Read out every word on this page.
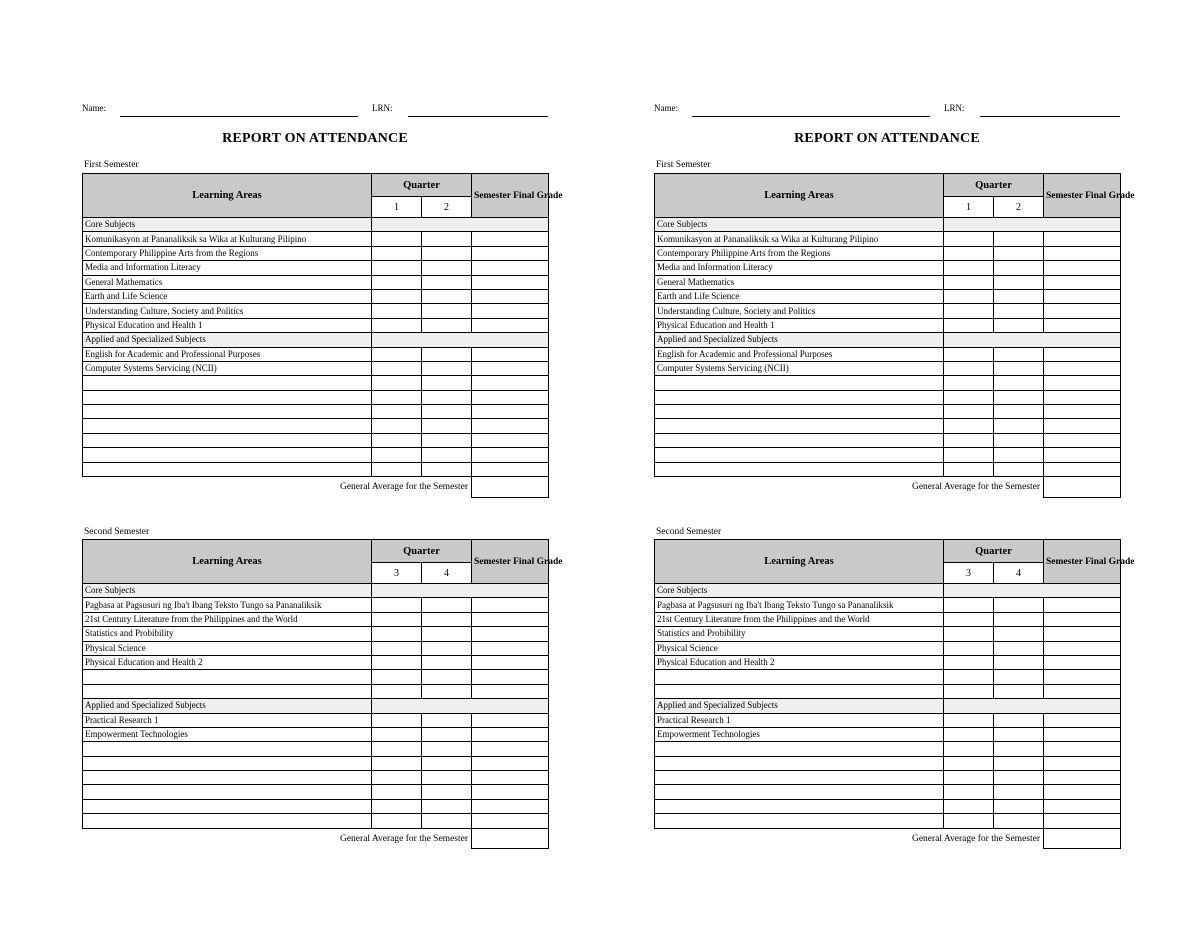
Name:	LRN:
REPORT ON ATTENDANCE
First Semester
Learning Areas	Quarter		Semester Final Grade
	1	2	
Core Subjects			
Komunikasyon at Pananaliksik sa Wika at Kulturang Pilipino			
Contemporary Philippine Arts from the Regions			
Media and Information Literacy			
General Mathematics			
Earth and Life Science			
Understanding Culture, Society and Politics			
Physical Education and Health 1			
Applied and Specialized Subjects			
English for Academic and Professional Purposes			
Computer Systems Servicing (NCII)			

General Average for the Semester			
Second Semester
Learning Areas	Quarter		Semester Final Grade
	3	4	
Core Subjects			
Pagbasa at Pagsusuri ng Iba't Ibang Teksto Tungo sa Pananaliksik			
21st Century Literature from the Philippines and the World			
Statistics and Probibility			
Physical Science			
Physical Education and Health 2			

Applied and Specialized Subjects			
Practical Research 1			
Empowerment Technologies			

General Average for the Semester			
Name:	LRN:
REPORT ON ATTENDANCE
First Semester
Learning Areas	Quarter		Semester Final Grade
	1	2	
Core Subjects			
Komunikasyon at Pananaliksik sa Wika at Kulturang Pilipino			
Contemporary Philippine Arts from the Regions			
Media and Information Literacy			
General Mathematics			
Earth and Life Science			
Understanding Culture, Society and Politics			
Physical Education and Health 1			
Applied and Specialized Subjects			
English for Academic and Professional Purposes			
Computer Systems Servicing (NCII)			

General Average for the Semester			
Second Semester
Learning Areas	Quarter		Semester Final Grade
	3	4	
Core Subjects			
Pagbasa at Pagsusuri ng Iba't Ibang Teksto Tungo sa Pananaliksik			
21st Century Literature from the Philippines and the World			
Statistics and Probibility			
Physical Science			
Physical Education and Health 2			

Applied and Specialized Subjects			
Practical Research 1			
Empowerment Technologies			

General Average for the Semester			
